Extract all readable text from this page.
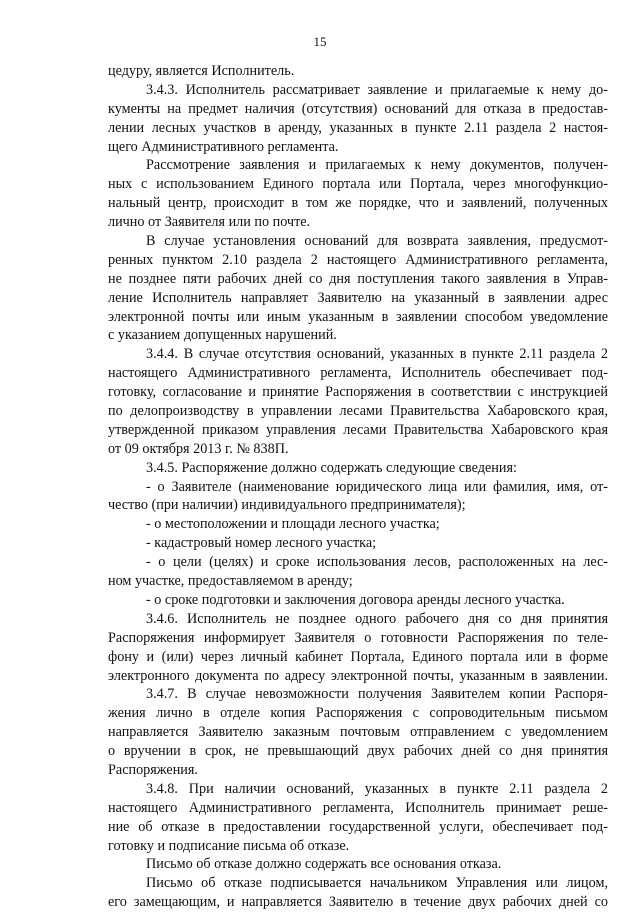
15
цедуру, является Исполнитель.
3.4.3. Исполнитель рассматривает заявление и прилагаемые к нему до-
кументы на предмет наличия (отсутствия) оснований для отказа в предостав-
лении лесных участков в аренду, указанных в пункте 2.11 раздела 2 настоя-
щего Административного регламента.
Рассмотрение заявления и прилагаемых к нему документов, получен-
ных с использованием Единого портала или Портала, через многофункцио-
нальный центр, происходит в том же порядке, что и заявлений, полученных
лично от Заявителя или по почте.
В случае установления оснований для возврата заявления, предусмот-
ренных пунктом 2.10 раздела 2 настоящего Административного регламента,
не позднее пяти рабочих дней со дня поступления такого заявления в Управ-
ление Исполнитель направляет Заявителю на указанный в заявлении адрес
электронной почты или иным указанным в заявлении способом уведомление
с указанием допущенных нарушений.
3.4.4. В случае отсутствия оснований, указанных в пункте 2.11 раздела 2
настоящего Административного регламента, Исполнитель обеспечивает под-
готовку, согласование и принятие Распоряжения в соответствии с инструкцией
по делопроизводству в управлении лесами Правительства Хабаровского края,
утвержденной приказом управления лесами Правительства Хабаровского края
от 09 октября 2013 г. № 838П.
3.4.5. Распоряжение должно содержать следующие сведения:
- о Заявителе (наименование юридического лица или фамилия, имя, от-
чество (при наличии) индивидуального предпринимателя);
- о местоположении и площади лесного участка;
- кадастровый номер лесного участка;
- о цели (целях) и сроке использования лесов, расположенных на лес-
ном участке, предоставляемом в аренду;
- о сроке подготовки и заключения договора аренды лесного участка.
3.4.6. Исполнитель не позднее одного рабочего дня со дня принятия
Распоряжения информирует Заявителя о готовности Распоряжения по теле-
фону и (или) через личный кабинет Портала, Единого портала или в форме
электронного документа по адресу электронной почты, указанным в заявлении.
3.4.7. В случае невозможности получения Заявителем копии Распоря-
жения лично в отделе копия Распоряжения с сопроводительным письмом
направляется Заявителю заказным почтовым отправлением с уведомлением
о вручении в срок, не превышающий двух рабочих дней со дня принятия
Распоряжения.
3.4.8. При наличии оснований, указанных в пункте 2.11 раздела 2
настоящего Административного регламента, Исполнитель принимает реше-
ние об отказе в предоставлении государственной услуги, обеспечивает под-
готовку и подписание письма об отказе.
Письмо об отказе должно содержать все основания отказа.
Письмо об отказе подписывается начальником Управления или лицом,
его замещающим, и направляется Заявителю в течение двух рабочих дней со
